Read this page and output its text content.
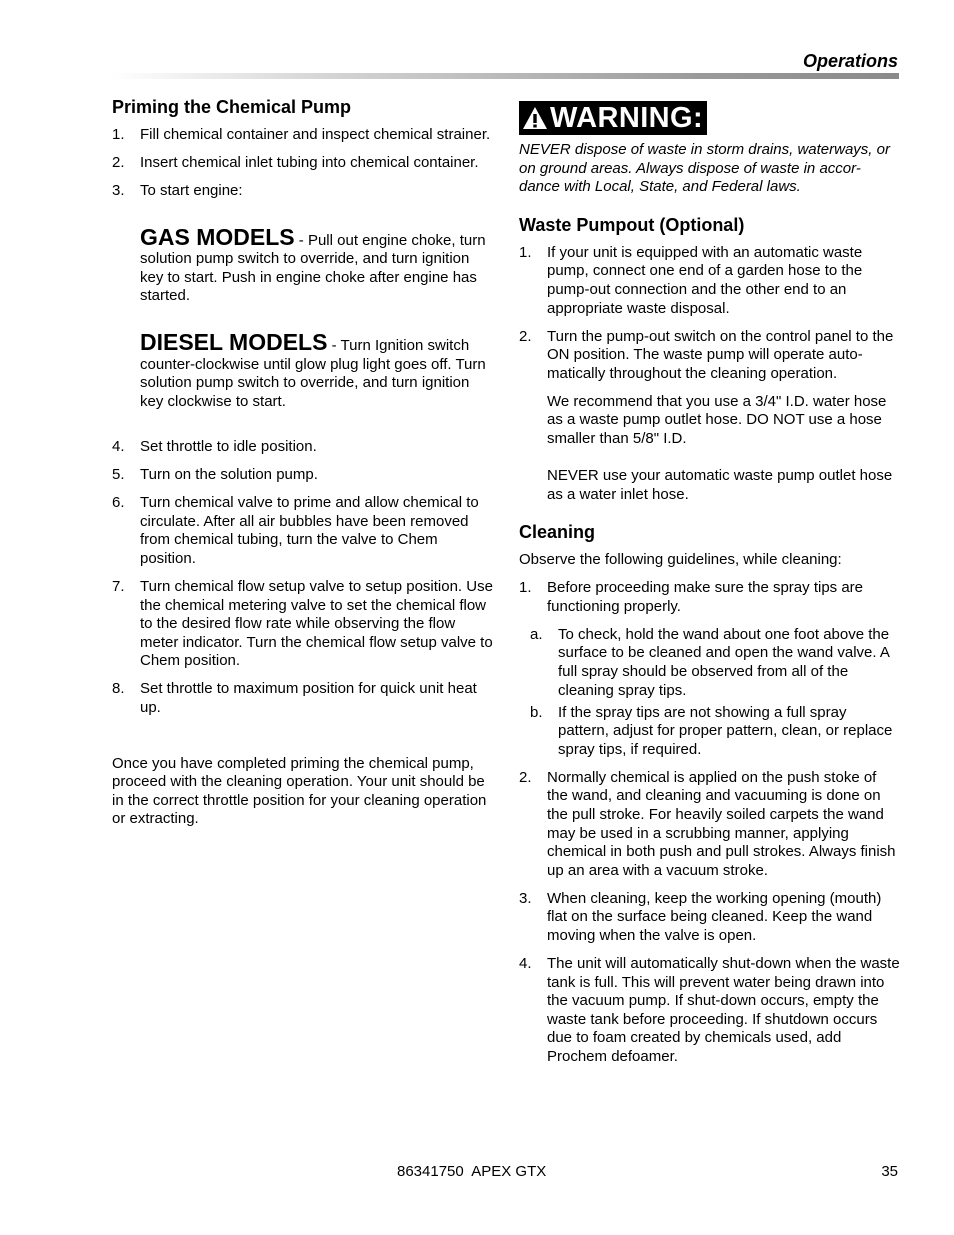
Operations
Priming the Chemical Pump
1. Fill chemical container and inspect chemical strainer.
2. Insert chemical inlet tubing into chemical container.
3. To start engine:
GAS MODELS - Pull out engine choke, turn solution pump switch to override, and turn ignition key to start. Push in engine choke after engine has started.
DIESEL MODELS - Turn Ignition switch counter-clockwise until glow plug light goes off. Turn solution pump switch to override, and turn ignition key clockwise to start.
4. Set throttle to idle position.
5. Turn on the solution pump.
6. Turn chemical valve to prime and allow chemical to circulate. After all air bubbles have been removed from chemical tubing, turn the valve to Chem position.
7. Turn chemical flow setup valve to setup position. Use the chemical metering valve to set the chemical flow to the desired flow rate while observing the flow meter indicator. Turn the chemical flow setup valve to Chem position.
8. Set throttle to maximum position for quick unit heat up.

Once you have completed priming the chemical pump, proceed with the cleaning operation. Your unit should be in the correct throttle position for your cleaning operation or extracting.

WARNING:

NEVER dispose of waste in storm drains, waterways, or on ground areas. Always dispose of waste in accor-dance with Local, State, and Federal laws.

Waste Pumpout (Optional)
1. If your unit is equipped with an automatic waste pump, connect one end of a garden hose to the pump-out connection and the other end to an appropriate waste disposal.
2. Turn the pump-out switch on the control panel to the ON position. The waste pump will operate auto-matically throughout the cleaning operation.

We recommend that you use a 3/4" I.D. water hose as a waste pump outlet hose. DO NOT use a hose smaller than 5/8" I.D.

NEVER use your automatic waste pump outlet hose as a water inlet hose.

Cleaning

Observe the following guidelines, while cleaning:

1. Before proceeding make sure the spray tips are functioning properly.
a. To check, hold the wand about one foot above the surface to be cleaned and open the wand valve. A full spray should be observed from all of the cleaning spray tips.
b. If the spray tips are not showing a full spray pattern, adjust for proper pattern, clean, or replace spray tips, if required.
2. Normally chemical is applied on the push stoke of the wand, and cleaning and vacuuming is done on the pull stroke. For heavily soiled carpets the wand may be used in a scrubbing manner, applying chemical in both push and pull strokes. Always finish up an area with a vacuum stroke.
3. When cleaning, keep the working opening (mouth) flat on the surface being cleaned. Keep the wand moving when the valve is open.
4. The unit will automatically shut-down when the waste tank is full. This will prevent water being drawn into the vacuum pump. If shut-down occurs, empty the waste tank before proceeding. If shutdown occurs due to foam created by chemicals used, add Prochem defoamer.
86341750  APEX GTX	35
